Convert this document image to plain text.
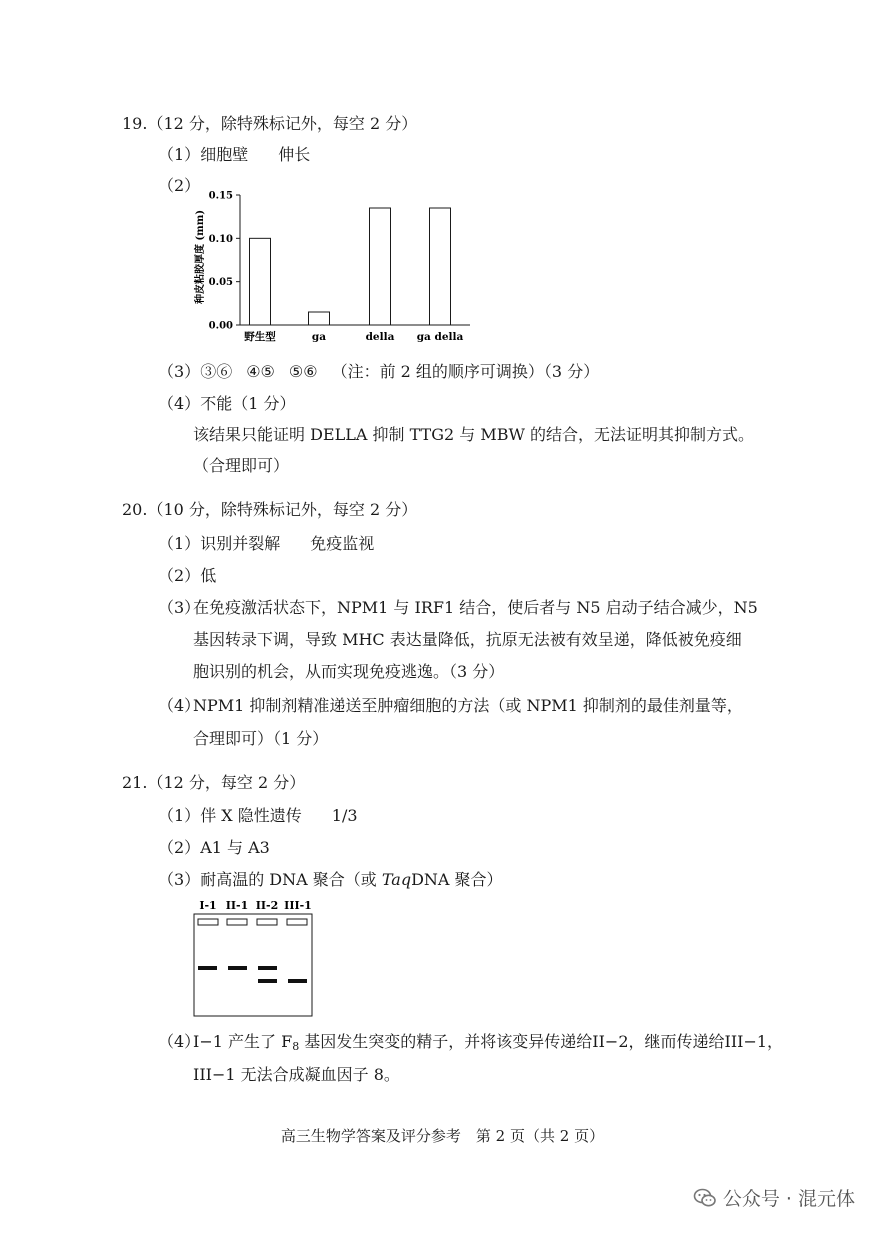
19.（12 分，除特殊标记外，每空 2 分）
（1）细胞壁 伸长
（2）
种皮粘胶厚度 (mm)
0.00
0.05
0.10
0.15
野生型	ga	della ga della
（3）③⑥ ④⑤ ⑤⑥ （注：前 2 组的顺序可调换）（3 分）
（4）不能（1 分）
该结果只能证明 DELLA 抑制 TTG2 与 MBW 的结合，无法证明其抑制方式。
（合理即可）
20.（10 分，除特殊标记外，每空 2 分）
（1）识别并裂解 免疫监视
（2）低
（3）
在免疫激活状态下，NPM1 与 IRF1 结合，使后者与 N5 启动子结合减少，N5
基因转录下调，导致 MHC 表达量降低，抗原无法被有效呈递，降低被免疫细
胞识别的机会，从而实现免疫逃逸。（3 分）
（4）
NPM1 抑制剂精准递送至肿瘤细胞的方法（或 NPM1 抑制剂的最佳剂量等，
合理即可）（1 分）
21.（12 分，每空 2 分）
（1）伴 X 隐性遗传 1/3
（2）A1 与 A3
（3）耐高温的 DNA 聚合（或 TaqDNA 聚合）
I-1 II-1 II-2 III-1
（4）
I−1 产生了 $F_8$ 基因发生突变的精子，并将该变异传递给II−2，继而传递给III−1，
III−1 无法合成凝血因子 8。
高三生物学答案及评分参考　第 2 页（共 2 页）
公众号 · 混元体
